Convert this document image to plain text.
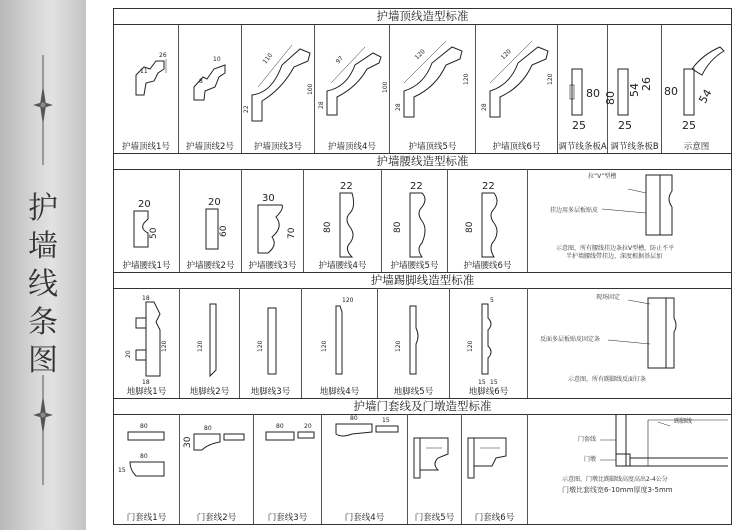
护
墙
线
条
图
护墙顶线造型标准
26
11
护墙顶线1号
10
8
护墙顶线2号
110
22
100
护墙顶线3号
97
28
100
护墙顶线4号
120
28
120
护墙顶线5号
120
28
120
护墙顶线6号
80
25
调节线条板A
80
54 26
25
调节线条板B
80 54
25
示意图
护墙腰线造型标准
20
50
护墙腰线1号
20
60
护墙腰线2号
30
70
护墙腰线3号
22
80
护墙腰线4号
22
80
护墙腰线5号
22
80
护墙腰线6号
拉“V”型槽
挂边用多层板贴皮
示意图，所有腰线挂边条拉V型槽，防止不平
半护墙腰线带挂边，深度根据基层加
护墙踢脚线造型标准
18
120
20
18
地脚线1号
120
地脚线2号
120
地脚线3号
120
120
地脚线4号
120
地脚线5号
5
120
15 15
地脚线6号
现场固定
反面多层板贴皮固定条
示意图，所有踢脚线反面钉条
护墙门套线及门墩造型标准
80
80
15
门套线1号
80
30
门套线2号
80	20
门套线3号
80	15
门套线4号	门套线5号	门套线6号
踢脚线
门套线
门墩
示意图，门墩比踢脚线高度高出2-4公分
门墩比套线宽6-10mm厚度3-5mm
